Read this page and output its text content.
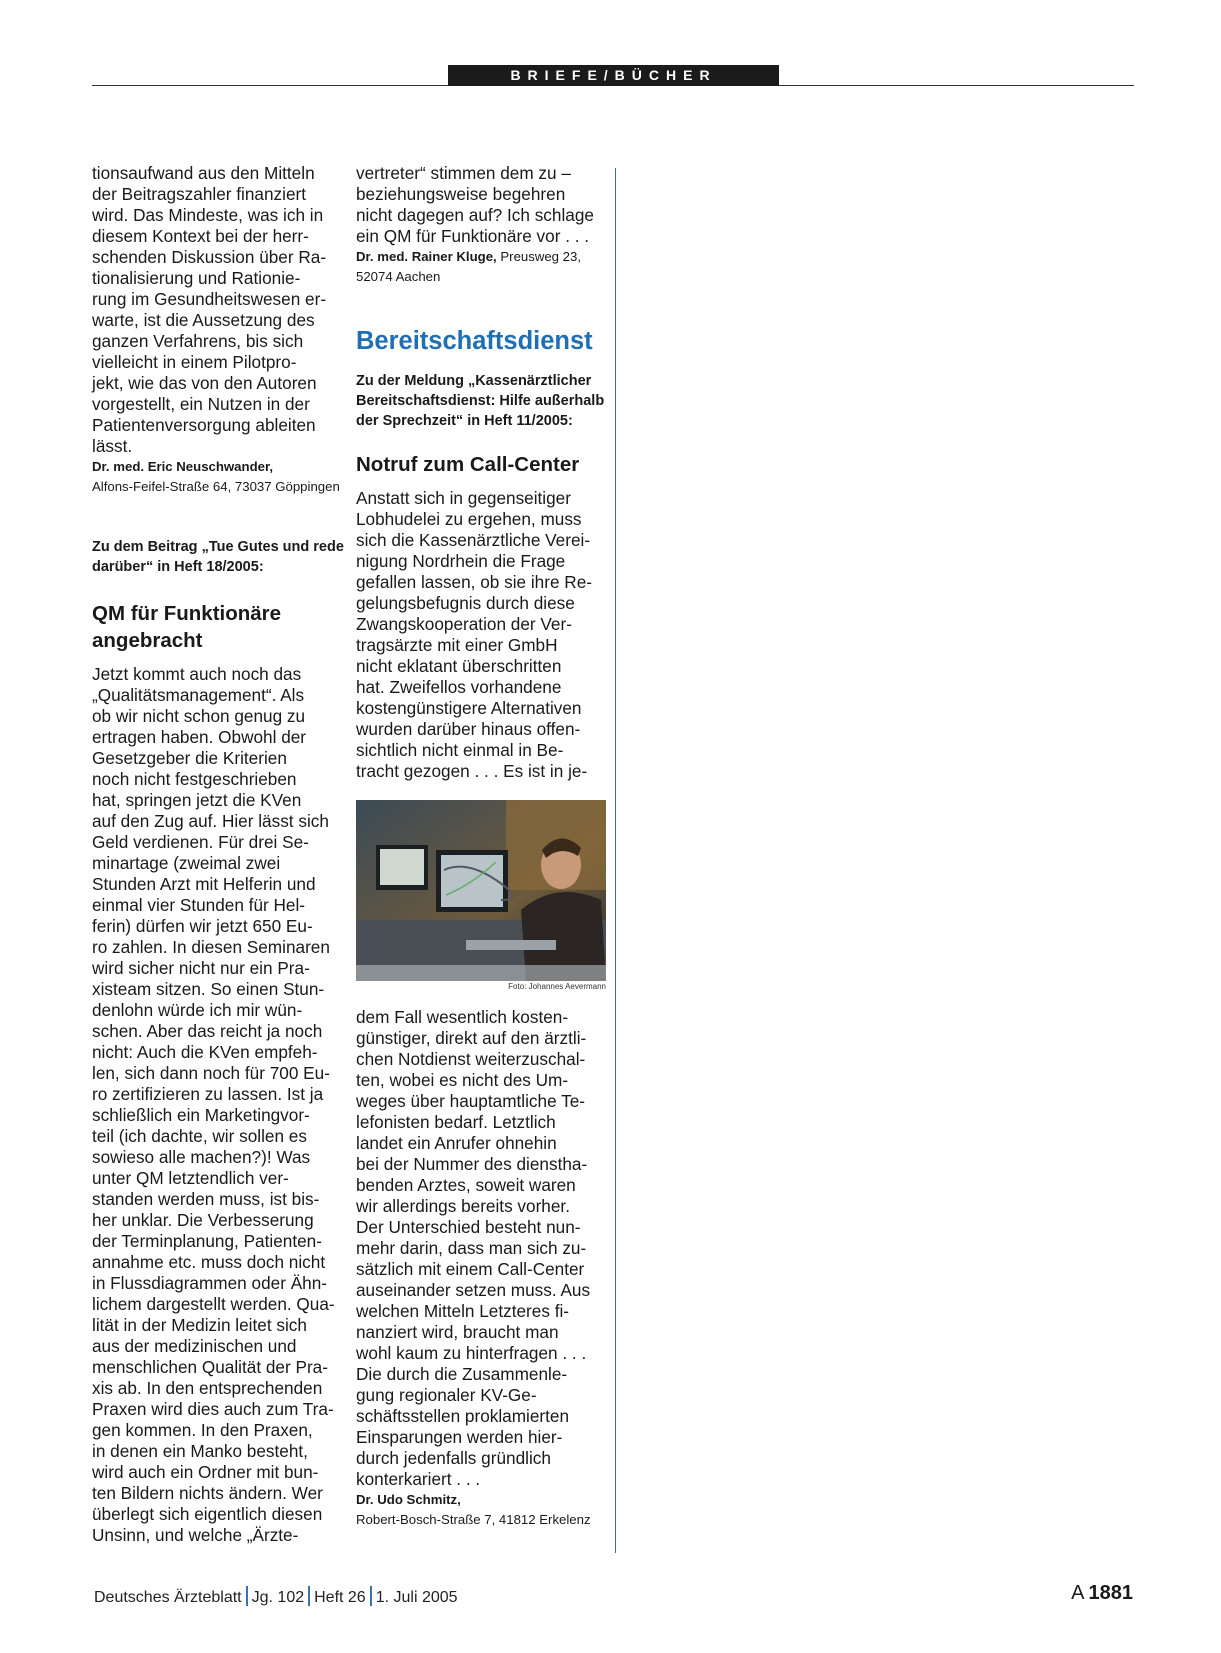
BRIEFE/BÜCHER

tionsaufwand aus den Mitteln

der Beitragszahler finanziert

wird. Das Mindeste, was ich in

diesem Kontext bei der herr-

schenden Diskussion über Ra-

tionalisierung und Rationie-

rung im Gesundheitswesen er-

warte, ist die Aussetzung des

ganzen Verfahrens, bis sich

vielleicht in einem Pilotpro-

jekt, wie das von den Autoren

vorgestellt, ein Nutzen in der

Patientenversorgung ableiten

lässt.

Dr. med. Eric Neuschwander,
Alfons-Feifel-Straße 64, 73037 Göppingen

Zu dem Beitrag „Tue Gutes und rede

darüber“ in Heft 18/2005:

QM für Funktionäre

angebracht

Jetzt kommt auch noch das

„Qualitätsmanagement“. Als

ob wir nicht schon genug zu

ertragen haben. Obwohl der

Gesetzgeber die Kriterien

noch nicht festgeschrieben

hat, springen jetzt die KVen

auf den Zug auf. Hier lässt sich

Geld verdienen. Für drei Se-

minartage (zweimal zwei

Stunden Arzt mit Helferin und

einmal vier Stunden für Hel-

ferin) dürfen wir jetzt 650 Eu-

ro zahlen. In diesen Seminaren

wird sicher nicht nur ein Pra-

xisteam sitzen. So einen Stun-

denlohn würde ich mir wün-

schen. Aber das reicht ja noch

nicht: Auch die KVen empfeh-

len, sich dann noch für 700 Eu-

ro zertifizieren zu lassen. Ist ja

schließlich ein Marketingvor-

teil (ich dachte, wir sollen es

sowieso alle machen?)! Was

unter QM letztendlich ver-

standen werden muss, ist bis-

her unklar. Die Verbesserung

der Terminplanung, Patienten-

annahme etc. muss doch nicht

in Flussdiagrammen oder Ähn-

lichem dargestellt werden. Qua-

lität in der Medizin leitet sich

aus der medizinischen und

menschlichen Qualität der Pra-

xis ab. In den entsprechenden

Praxen wird dies auch zum Tra-

gen kommen. In den Praxen,

in denen ein Manko besteht,

wird auch ein Ordner mit bun-

ten Bildern nichts ändern. Wer

überlegt sich eigentlich diesen

Unsinn, und welche „Ärzte-

vertreter“ stimmen dem zu –

beziehungsweise begehren

nicht dagegen auf? Ich schlage

ein QM für Funktionäre vor . . .

Dr. med. Rainer Kluge, Preusweg 23,
52074 Aachen
Bereitschaftsdienst

Zu der Meldung „Kassenärztlicher

Bereitschaftsdienst: Hilfe außerhalb

der Sprechzeit“ in Heft 11/2005:

Notruf zum Call-Center

Anstatt sich in gegenseitiger

Lobhudelei zu ergehen, muss

sich die Kassenärztliche Verei-

nigung Nordrhein die Frage

gefallen lassen, ob sie ihre Re-

gelungsbefugnis durch diese

Zwangskooperation der Ver-

tragsärzte mit einer GmbH

nicht eklatant überschritten

hat. Zweifellos vorhandene

kostengünstigere Alternativen

wurden darüber hinaus offen-

sichtlich nicht einmal in Be-

tracht gezogen . . . Es ist in je-

Foto: Johannes Aevermann

dem Fall wesentlich kosten-

günstiger, direkt auf den ärztli-

chen Notdienst weiterzuschal-

ten, wobei es nicht des Um-

weges über hauptamtliche Te-

lefonisten bedarf. Letztlich

landet ein Anrufer ohnehin

bei der Nummer des diensthа-

benden Arztes, soweit waren

wir allerdings bereits vorher.

Der Unterschied besteht nun-

mehr darin, dass man sich zu-

sätzlich mit einem Call-Center

auseinander setzen muss. Aus

welchen Mitteln Letzteres fi-

nanziert wird, braucht man

wohl kaum zu hinterfragen . . .

Die durch die Zusammenle-

gung regionaler KV-Ge-

schäftsstellen proklamierten

Einsparungen werden hier-

durch jedenfalls gründlich

konterkariert . . .

Dr. Udo Schmitz,
Robert-Bosch-Straße 7, 41812 Erkelenz
Deutsches Ärzteblatt Jg. 102 Heft 26 1. Juli 2005	A  1881
